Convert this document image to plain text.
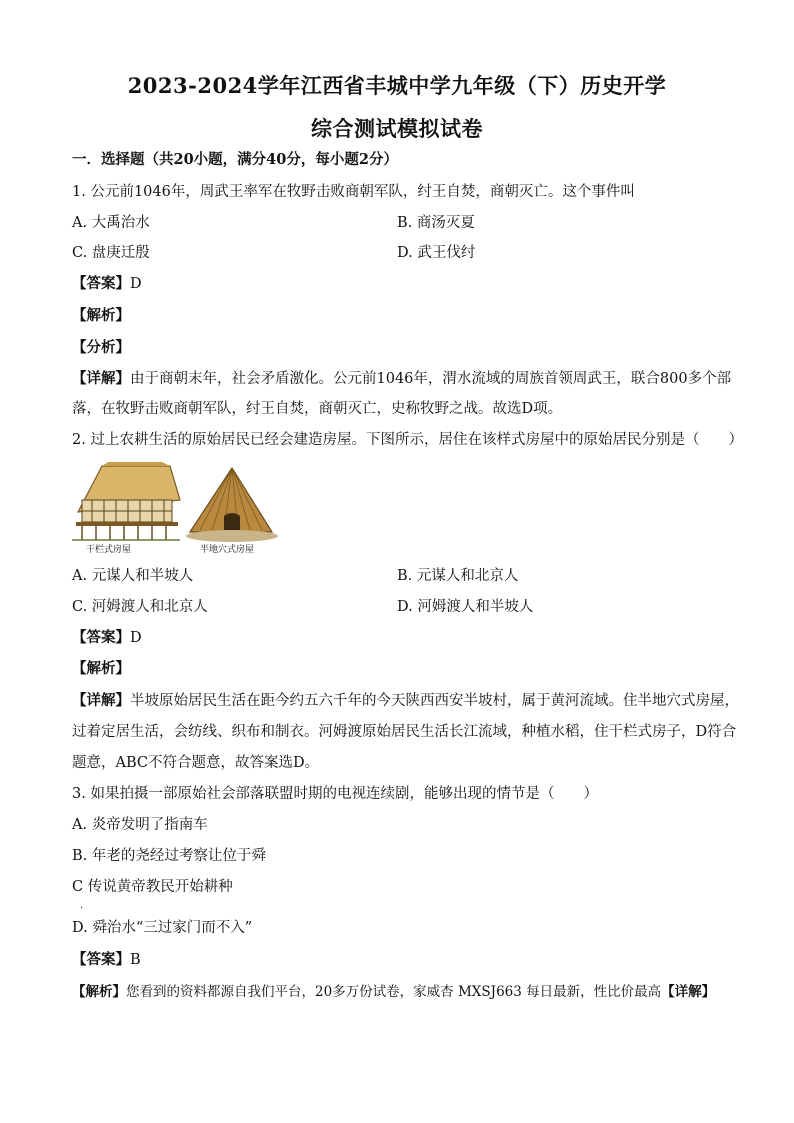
2023-2024学年江西省丰城中学九年级（下）历史开学
综合测试模拟试卷
一．选择题（共20小题，满分40分，每小题2分）
1. 公元前1046年，周武王率军在牧野击败商朝军队，纣王自焚，商朝灭亡。这个事件叫
A. 大禹治水	B. 商汤灭夏
C. 盘庚迁殷	D. 武王伐纣
【答案】D
【解析】
【分析】
【详解】由于商朝末年，社会矛盾激化。公元前1046年，渭水流域的周族首领周武王，联合800多个部
落，在牧野击败商朝军队，纣王自焚，商朝灭亡，史称牧野之战。故选D项。
2. 过上农耕生活的原始居民已经会建造房屋。下图所示，居住在该样式房屋中的原始居民分别是（　　）
干栏式房屋	半地穴式房屋
A. 元谋人和半坡人	B. 元谋人和北京人
C. 河姆渡人和北京人	D. 河姆渡人和半坡人
【答案】D
【解析】
【详解】半坡原始居民生活在距今约五六千年的今天陕西西安半坡村，属于黄河流域。住半地穴式房屋，
过着定居生活，会纺线、织布和制衣。河姆渡原始居民生活长江流域，种植水稻，住干栏式房子，D符合
题意，ABC不符合题意，故答案选D。
3. 如果拍摄一部原始社会部落联盟时期的电视连续剧，能够出现的情节是（　　）
A. 炎帝发明了指南车
B. 年老的尧经过考察让位于舜
C 传说黄帝教民开始耕种
·
D. 舜治水“三过家门而不入”
【答案】B
【解析】您看到的资料都源自我们平台，20多万份试卷，家威杏 MXSJ663 每日最新，性比价最高【详解】
